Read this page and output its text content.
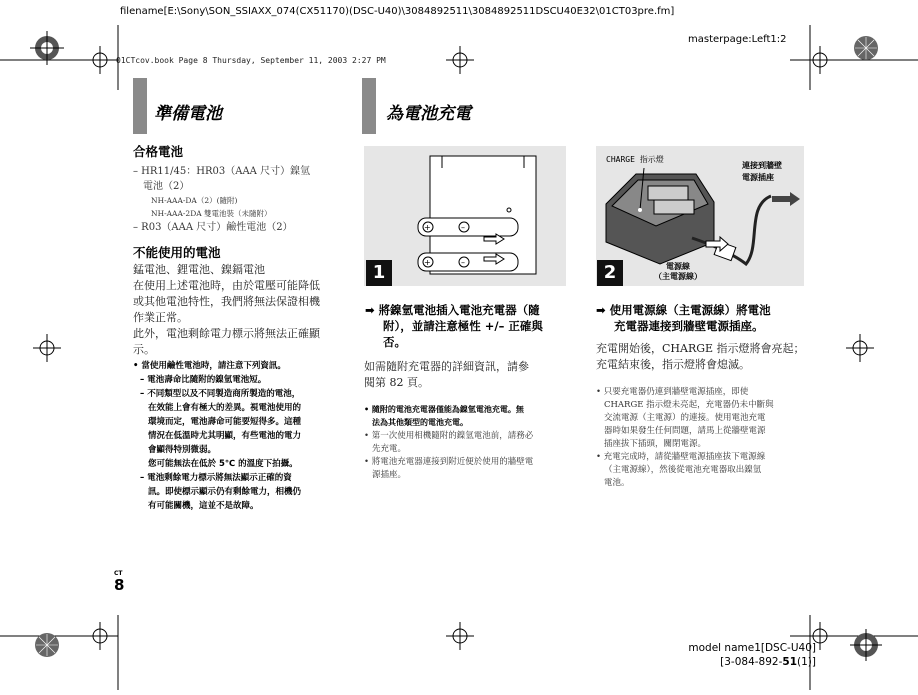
filename[E:\Sony\SON_SSIAXX_074(CX51170)(DSC-U40)\3084892511\3084892511DSCU40E32\01CT03pre.fm]
masterpage:Left1:2
01CTcov.book Page 8 Thursday, September 11, 2003 2:27 PM
準備電池
合格電池
– HR11/45：HR03（AAA 尺寸）鎳氫
電池（2）
NH-AAA-DA（2）(隨附)
NH-AAA-2DA 雙電池裝（未隨附）
– R03（AAA 尺寸）鹼性電池（2）
不能使用的電池
錳電池、鋰電池、鎳鎘電池
在使用上述電池時，由於電壓可能降低
或其他電池特性，我們將無法保證相機
作業正常。
此外，電池剩餘電力標示將無法正確顯
示。
• 當使用鹼性電池時，請注意下列資訊。
– 電池壽命比隨附的鎳氫電池短。
– 不同類型以及不同製造商所製造的電池，
在效能上會有極大的差異。視電池使用的
環境而定，電池壽命可能要短得多。這種
情況在低溫時尤其明顯，有些電池的電力
會顯得特別微弱。
您可能無法在低於 5℃ 的溫度下拍攝。
– 電池剩餘電力標示將無法顯示正確的資
訊。即使標示顯示仍有剩餘電力，相機仍
有可能關機，這並不是故障。
CT
8
為電池充電
+	–
+	–
1
➡ 將鎳氫電池插入電池充電器（隨
附），並請注意極性 +/– 正確與
否。
如需隨附充電器的詳細資訊，請參
閱第 82 頁。
• 隨附的電池充電器僅能為鎳氫電池充電。無
法為其他類型的電池充電。
• 第一次使用相機隨附的鎳氫電池前，請務必
先充電。
• 將電池充電器連接到附近便於使用的牆壁電
源插座。
CHARGE 指示燈
連接到牆壁
電源插座
電源線
（主電源線）
2
➡ 使用電源線（主電源線）將電池
充電器連接到牆壁電源插座。
充電開始後，CHARGE 指示燈將會亮起；
充電結束後，指示燈將會熄滅。
• 只要充電器仍連到牆壁電源插座，即使
CHARGE 指示燈未亮起，充電器仍未中斷與
交流電源（主電源）的連接。使用電池充電
器時如果發生任何問題，請馬上從牆壁電源
插座拔下插頭，關閉電源。
• 充電完成時，請從牆壁電源插座拔下電源線
（主電源線），然後從電池充電器取出鎳氫
電池。
model name1[DSC-U40]
[3-084-892-51(1)]
